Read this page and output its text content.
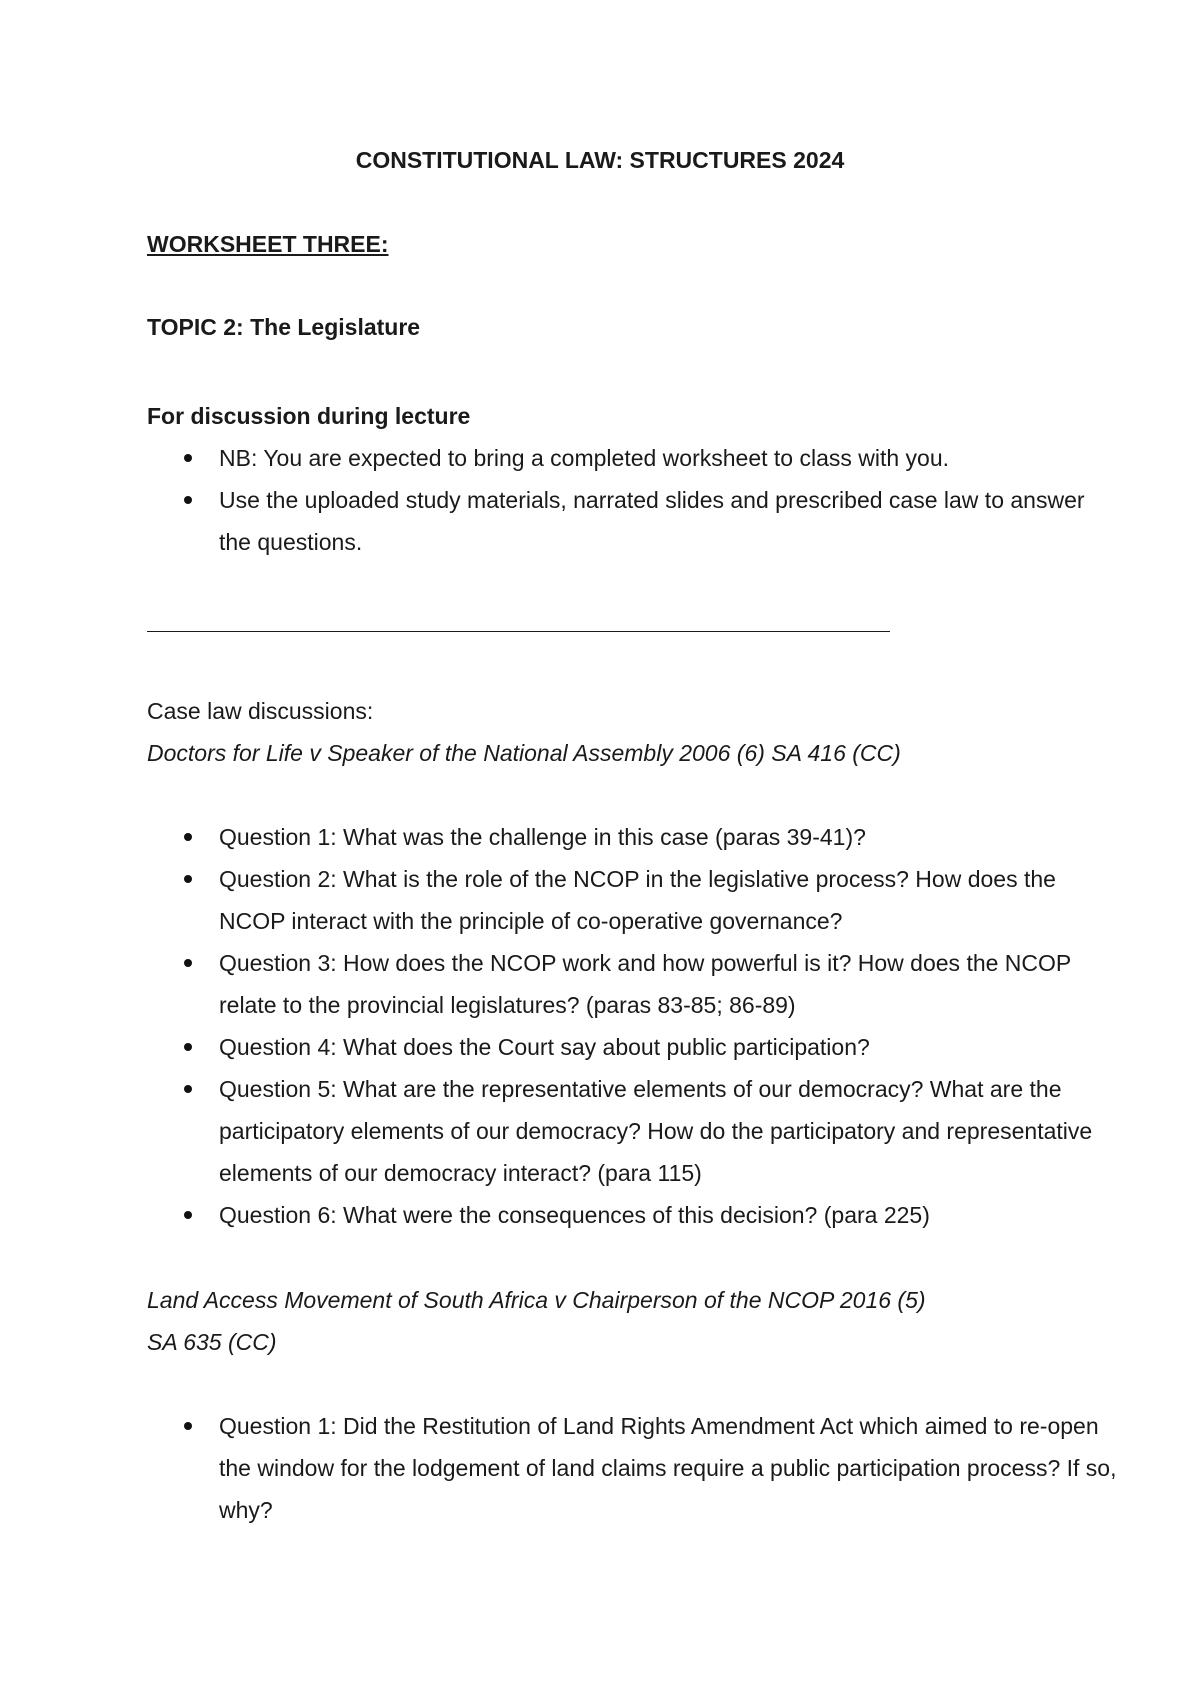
CONSTITUTIONAL LAW: STRUCTURES 2024
WORKSHEET THREE:
TOPIC 2: The Legislature
For discussion during lecture
NB: You are expected to bring a completed worksheet to class with you.
Use the uploaded study materials, narrated slides and prescribed case law to answer the questions.
Case law discussions:
Doctors for Life v Speaker of the National Assembly 2006 (6) SA 416 (CC)
Question 1: What was the challenge in this case (paras 39-41)?
Question 2: What is the role of the NCOP in the legislative process? How does the NCOP interact with the principle of co-operative governance?
Question 3: How does the NCOP work and how powerful is it? How does the NCOP relate to the provincial legislatures? (paras 83-85; 86-89)
Question 4: What does the Court say about public participation?
Question 5: What are the representative elements of our democracy? What are the participatory elements of our democracy? How do the participatory and representative elements of our democracy interact? (para 115)
Question 6: What were the consequences of this decision? (para 225)
Land Access Movement of South Africa v Chairperson of the NCOP 2016 (5)
SA 635 (CC)
Question 1: Did the Restitution of Land Rights Amendment Act which aimed to re-open the window for the lodgement of land claims require a public participation process? If so, why?
